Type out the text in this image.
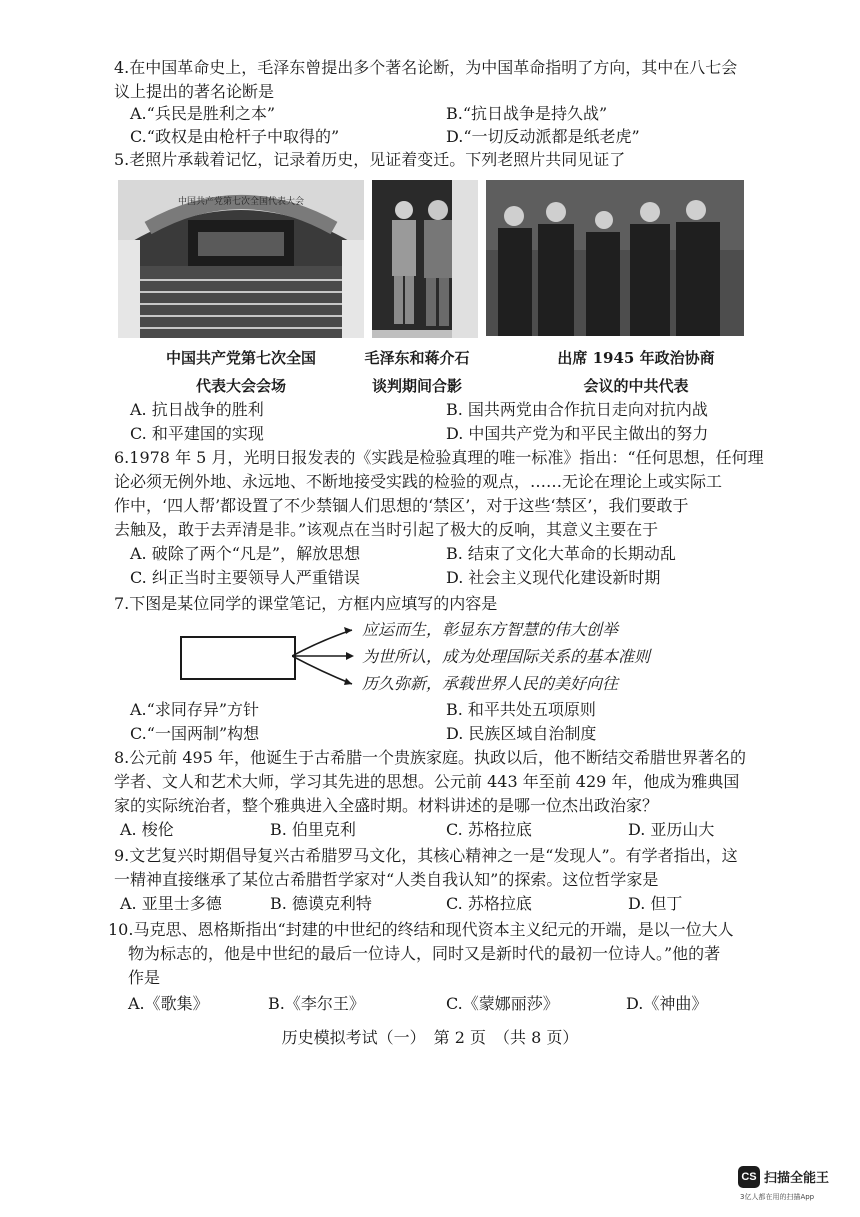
4.在中国革命史上，毛泽东曾提出多个著名论断，为中国革命指明了方向，其中在八七会
议上提出的著名论断是
A.“兵民是胜利之本”	B.“抗日战争是持久战”
C.“政权是由枪杆子中取得的”	D.“一切反动派都是纸老虎”
5.老照片承载着记忆，记录着历史，见证着变迁。下列老照片共同见证了
中国共产党第七次全国代表大会
中国共产党第七次全国
代表大会会场
毛泽东和蒋介石
谈判期间合影
出席 1945 年政治协商
会议的中共代表
A. 抗日战争的胜利	B. 国共两党由合作抗日走向对抗内战
C. 和平建国的实现	D. 中国共产党为和平民主做出的努力
6.1978 年 5 月，光明日报发表的《实践是检验真理的唯一标准》指出：“任何思想，任何理
论必须无例外地、永远地、不断地接受实践的检验的观点，……无论在理论上或实际工
作中，‘四人帮’都设置了不少禁锢人们思想的‘禁区’，对于这些‘禁区’，我们要敢于
去触及，敢于去弄清是非。”该观点在当时引起了极大的反响，其意义主要在于
A. 破除了两个“凡是”，解放思想	B. 结束了文化大革命的长期动乱
C. 纠正当时主要领导人严重错误	D. 社会主义现代化建设新时期
7.下图是某位同学的课堂笔记，方框内应填写的内容是
应运而生，彰显东方智慧的伟大创举
为世所认，成为处理国际关系的基本准则
历久弥新，承载世界人民的美好向往
A.“求同存异”方针	B. 和平共处五项原则
C.“一国两制”构想	D. 民族区域自治制度
8.公元前 495 年，他诞生于古希腊一个贵族家庭。执政以后，他不断结交希腊世界著名的
学者、文人和艺术大师，学习其先进的思想。公元前 443 年至前 429 年，他成为雅典国
家的实际统治者，整个雅典进入全盛时期。材料讲述的是哪一位杰出政治家？
A. 梭伦	B. 伯里克利	C. 苏格拉底	D. 亚历山大
9.文艺复兴时期倡导复兴古希腊罗马文化，其核心精神之一是“发现人”。有学者指出，这
一精神直接继承了某位古希腊哲学家对“人类自我认知”的探索。这位哲学家是
A. 亚里士多德	B. 德谟克利特	C. 苏格拉底	D. 但丁
10.马克思、恩格斯指出“封建的中世纪的终结和现代资本主义纪元的开端，是以一位大人
物为标志的，他是中世纪的最后一位诗人，同时又是新时代的最初一位诗人。”他的著
作是
A.《歌集》	B.《李尔王》	C.《蒙娜丽莎》	D.《神曲》
历史模拟考试（一）　第 2 页　（共 8 页）
CS 扫描全能王
3亿人都在用的扫描App
